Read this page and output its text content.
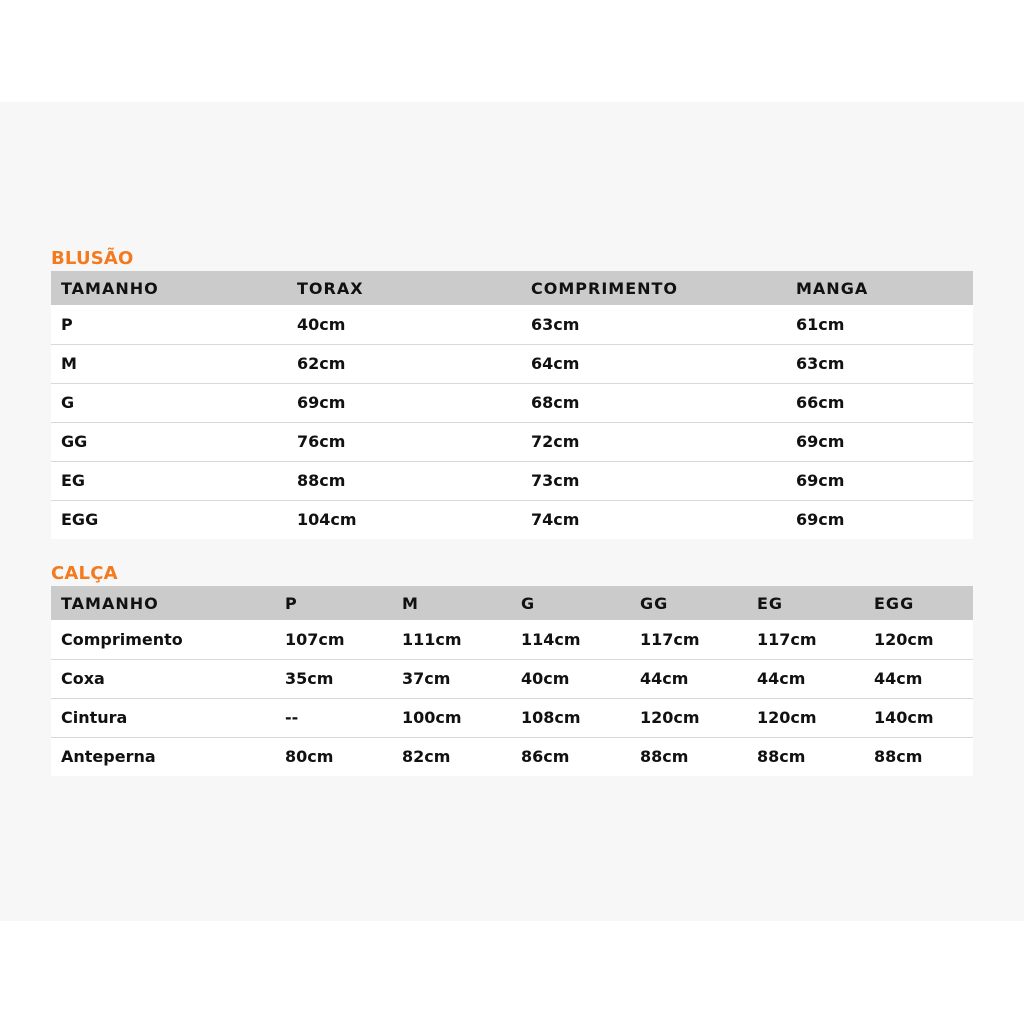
BLUSÃO
TAMANHO	TORAX	COMPRIMENTO	MANGA
P	40cm	63cm	61cm
M	62cm	64cm	63cm
G	69cm	68cm	66cm
GG	76cm	72cm	69cm
EG	88cm	73cm	69cm
EGG	104cm	74cm	69cm
CALÇA
TAMANHO	P	M	G	GG	EG	EGG
Comprimento	107cm	111cm	114cm	117cm	117cm	120cm
Coxa	35cm	37cm	40cm	44cm	44cm	44cm
Cintura	--	100cm	108cm	120cm	120cm	140cm
Anteperna	80cm	82cm	86cm	88cm	88cm	88cm
